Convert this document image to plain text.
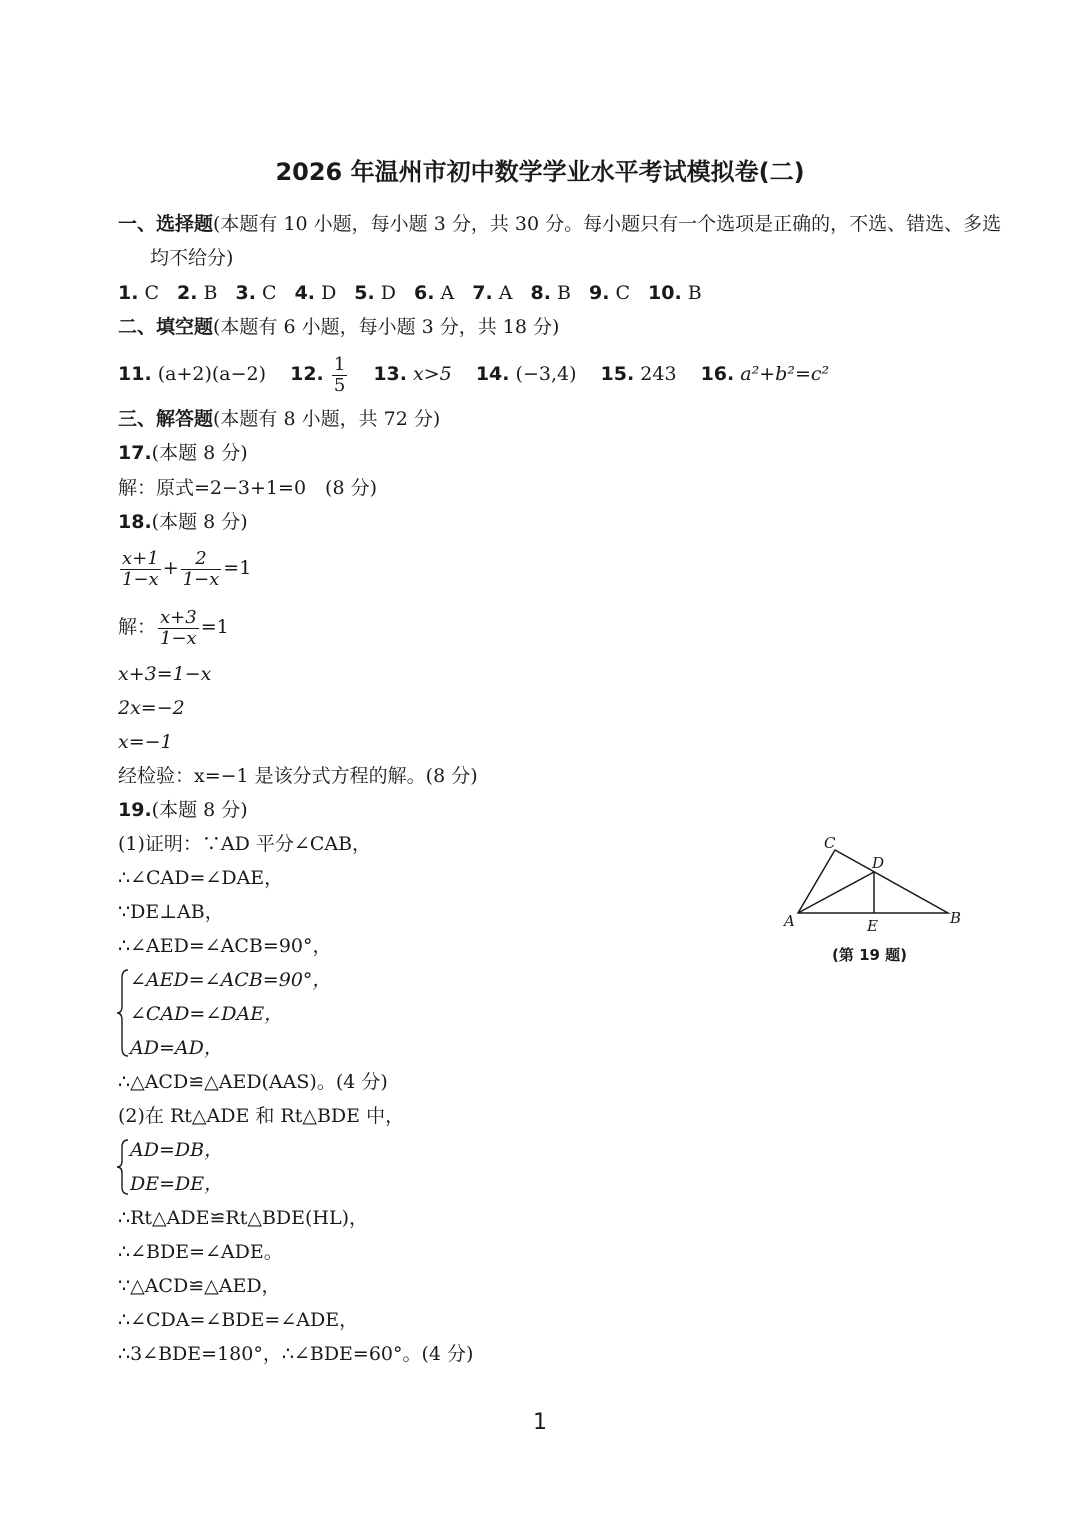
2026 年温州市初中数学学业水平考试模拟卷(二)
一、选择题(本题有 10 小题，每小题 3 分，共 30 分。每小题只有一个选项是正确的，不选、错选、多选
均不给分)
1. C 2. B 3. C 4. D 5. D 6. A 7. A 8. B 9. C 10. B
二、填空题(本题有 6 小题，每小题 3 分，共 18 分)
11. (a+2)(a−2) 12. $\frac{1}{5} 13$. x>5 14. (−3,4) 15. 243 16. a²+b²=c²
三、解答题(本题有 8 小题，共 72 分)
17.(本题 8 分)
解：原式=2−3+1=0　(8 分)
18.(本题 8 分)
$\frac{x+1}{1-x} + \frac{2}{1-x} =1$
解： $\frac{x+3}{1-x} =1$
x+3=1−x
2x=−2
x=−1
经检验：x=−1 是该分式方程的解。(8 分)
19.(本题 8 分)
(1)证明：∵AD 平分∠CAB，
∴∠CAD=∠DAE，
∵DE⊥AB，
∴∠AED=∠ACB=90°，
∠AED=∠ACB=90°，
∠CAD=∠DAE，
AD=AD，
∴△ACD≌△AED(AAS)。(4 分)
(2)在 Rt△ADE 和 Rt△BDE 中，
AD=DB，
DE=DE，
∴Rt△ADE≌Rt△BDE(HL)，
∴∠BDE=∠ADE。
∵△ACD≌△AED，
∴∠CDA=∠BDE=∠ADE，
∴3∠BDE=180°，∴∠BDE=60°。(4 分)
C
D
A	E	B
(第 19 题)
1
